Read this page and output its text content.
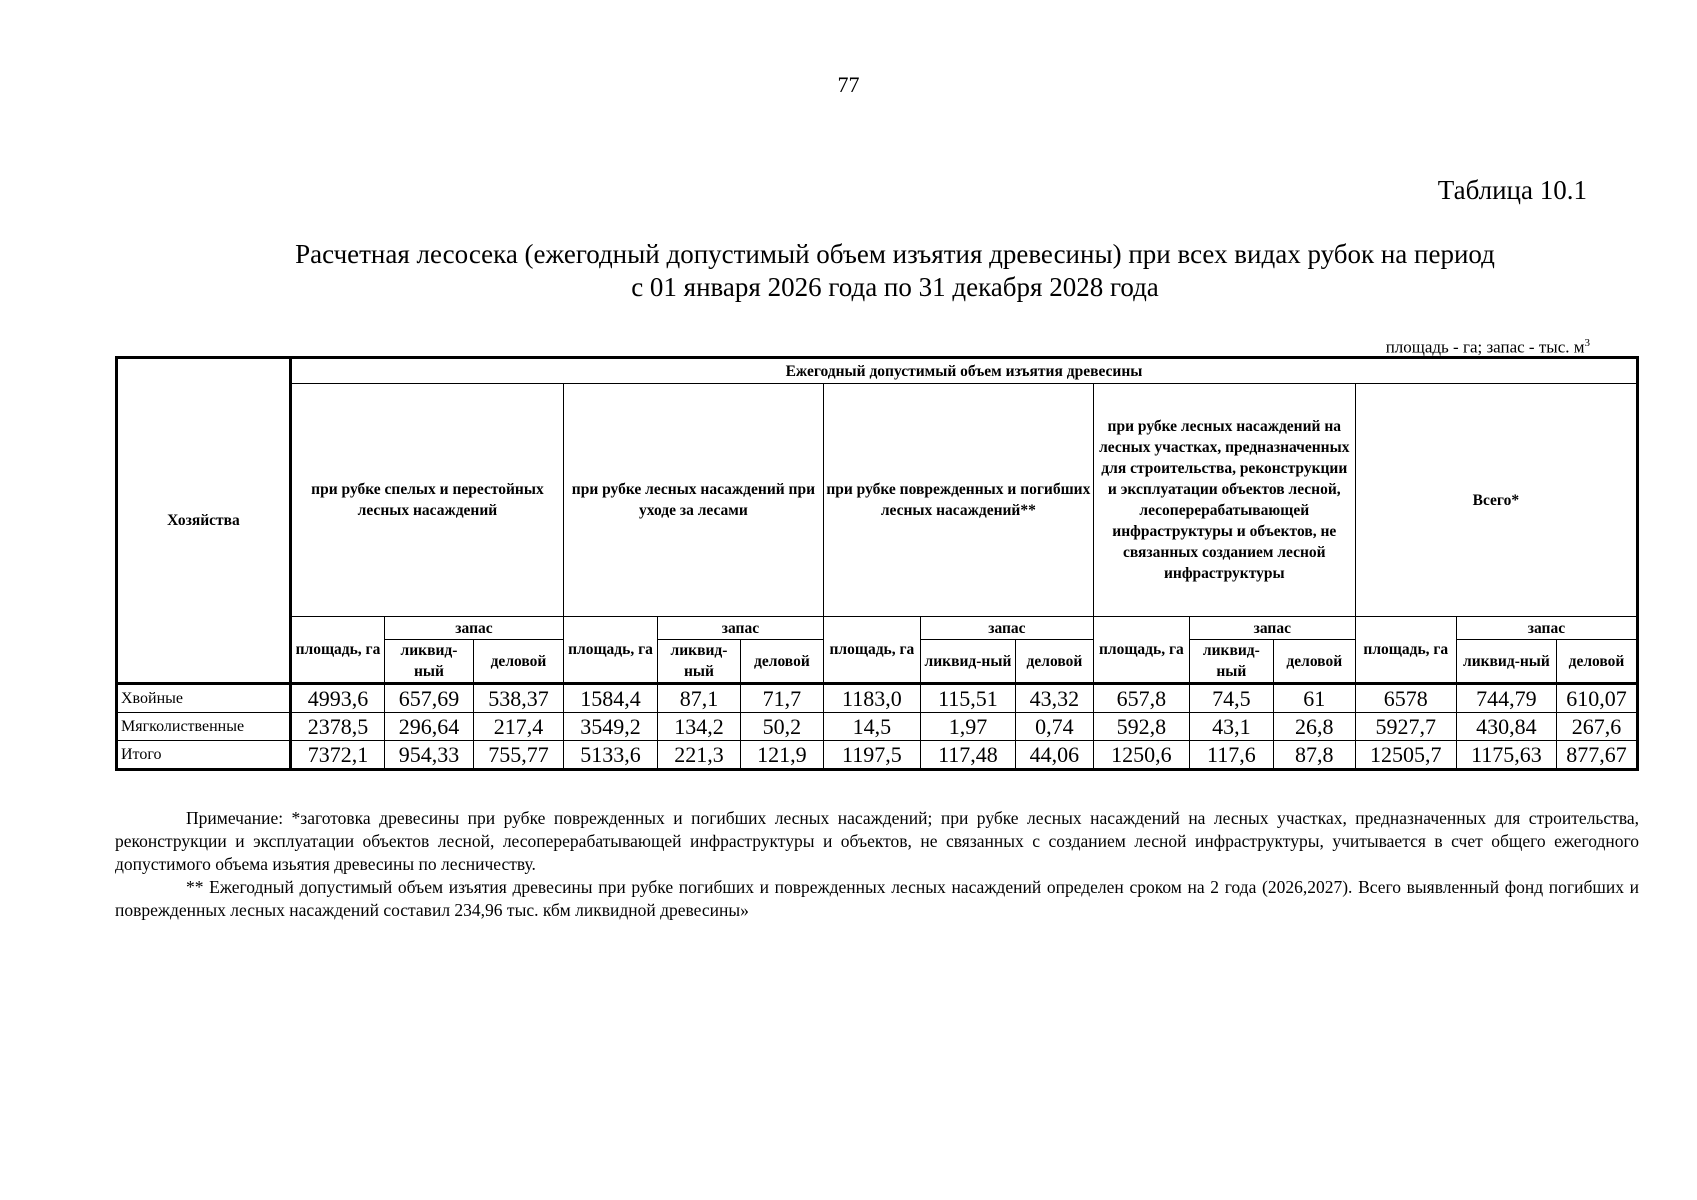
77
Таблица 10.1
Расчетная лесосека (ежегодный допустимый объем изъятия древесины) при всех видах рубок на период
с 01 января 2026 года по 31 декабря 2028 года
площадь - га; запас - тыс. $м^3$
Хозяйства	Ежегодный допустимый объем изъятия древесины														
	при рубке спелых и перестойных лесных насаждений			при рубке лесных насаждений при уходе за лесами			при рубке поврежденных и погибших лесных насаждений**			при рубке лесных насаждений на лесных участках, предназначенных для строительства, реконструкции и эксплуатации объектов лесной, лесоперерабатывающей инфраструктуры и объектов, не связанных созданием лесной инфраструктуры			Всего*		
	площадь, га	запас		площадь, га	запас		площадь, га	запас		площадь, га	запас		площадь, га	запас	
		ликвид-ный	деловой		ликвид-ный	деловой		ликвид-ный	деловой		ликвид-ный	деловой		ликвид-ный	деловой
Хвойные	4993,6	657,69	538,37	1584,4	87,1	71,7	1183,0	115,51	43,32	657,8	74,5	61	6578	744,79	610,07
Мягколиственные	2378,5	296,64	217,4	3549,2	134,2	50,2	14,5	1,97	0,74	592,8	43,1	26,8	5927,7	430,84	267,6
Итого	7372,1	954,33	755,77	5133,6	221,3	121,9	1197,5	117,48	44,06	1250,6	117,6	87,8	12505,7	1175,63	877,67

Примечание: *заготовка древесины при рубке поврежденных и погибших лесных насаждений; при рубке лесных насаждений на лесных участках, предназначенных для строительства, реконструкции и эксплуатации объектов лесной, лесоперерабатывающей инфраструктуры и объектов, не связанных с созданием лесной инфраструктуры, учитывается в счет общего ежегодного допустимого объема изьятия древесины по лесничеству.

** Ежегодный допустимый объем изъятия древесины при рубке погибших и поврежденных лесных насаждений определен сроком на 2 года (2026,2027). Всего выявленный фонд погибших и поврежденных лесных насаждений составил 234,96 тыс. кбм ликвидной древесины»
